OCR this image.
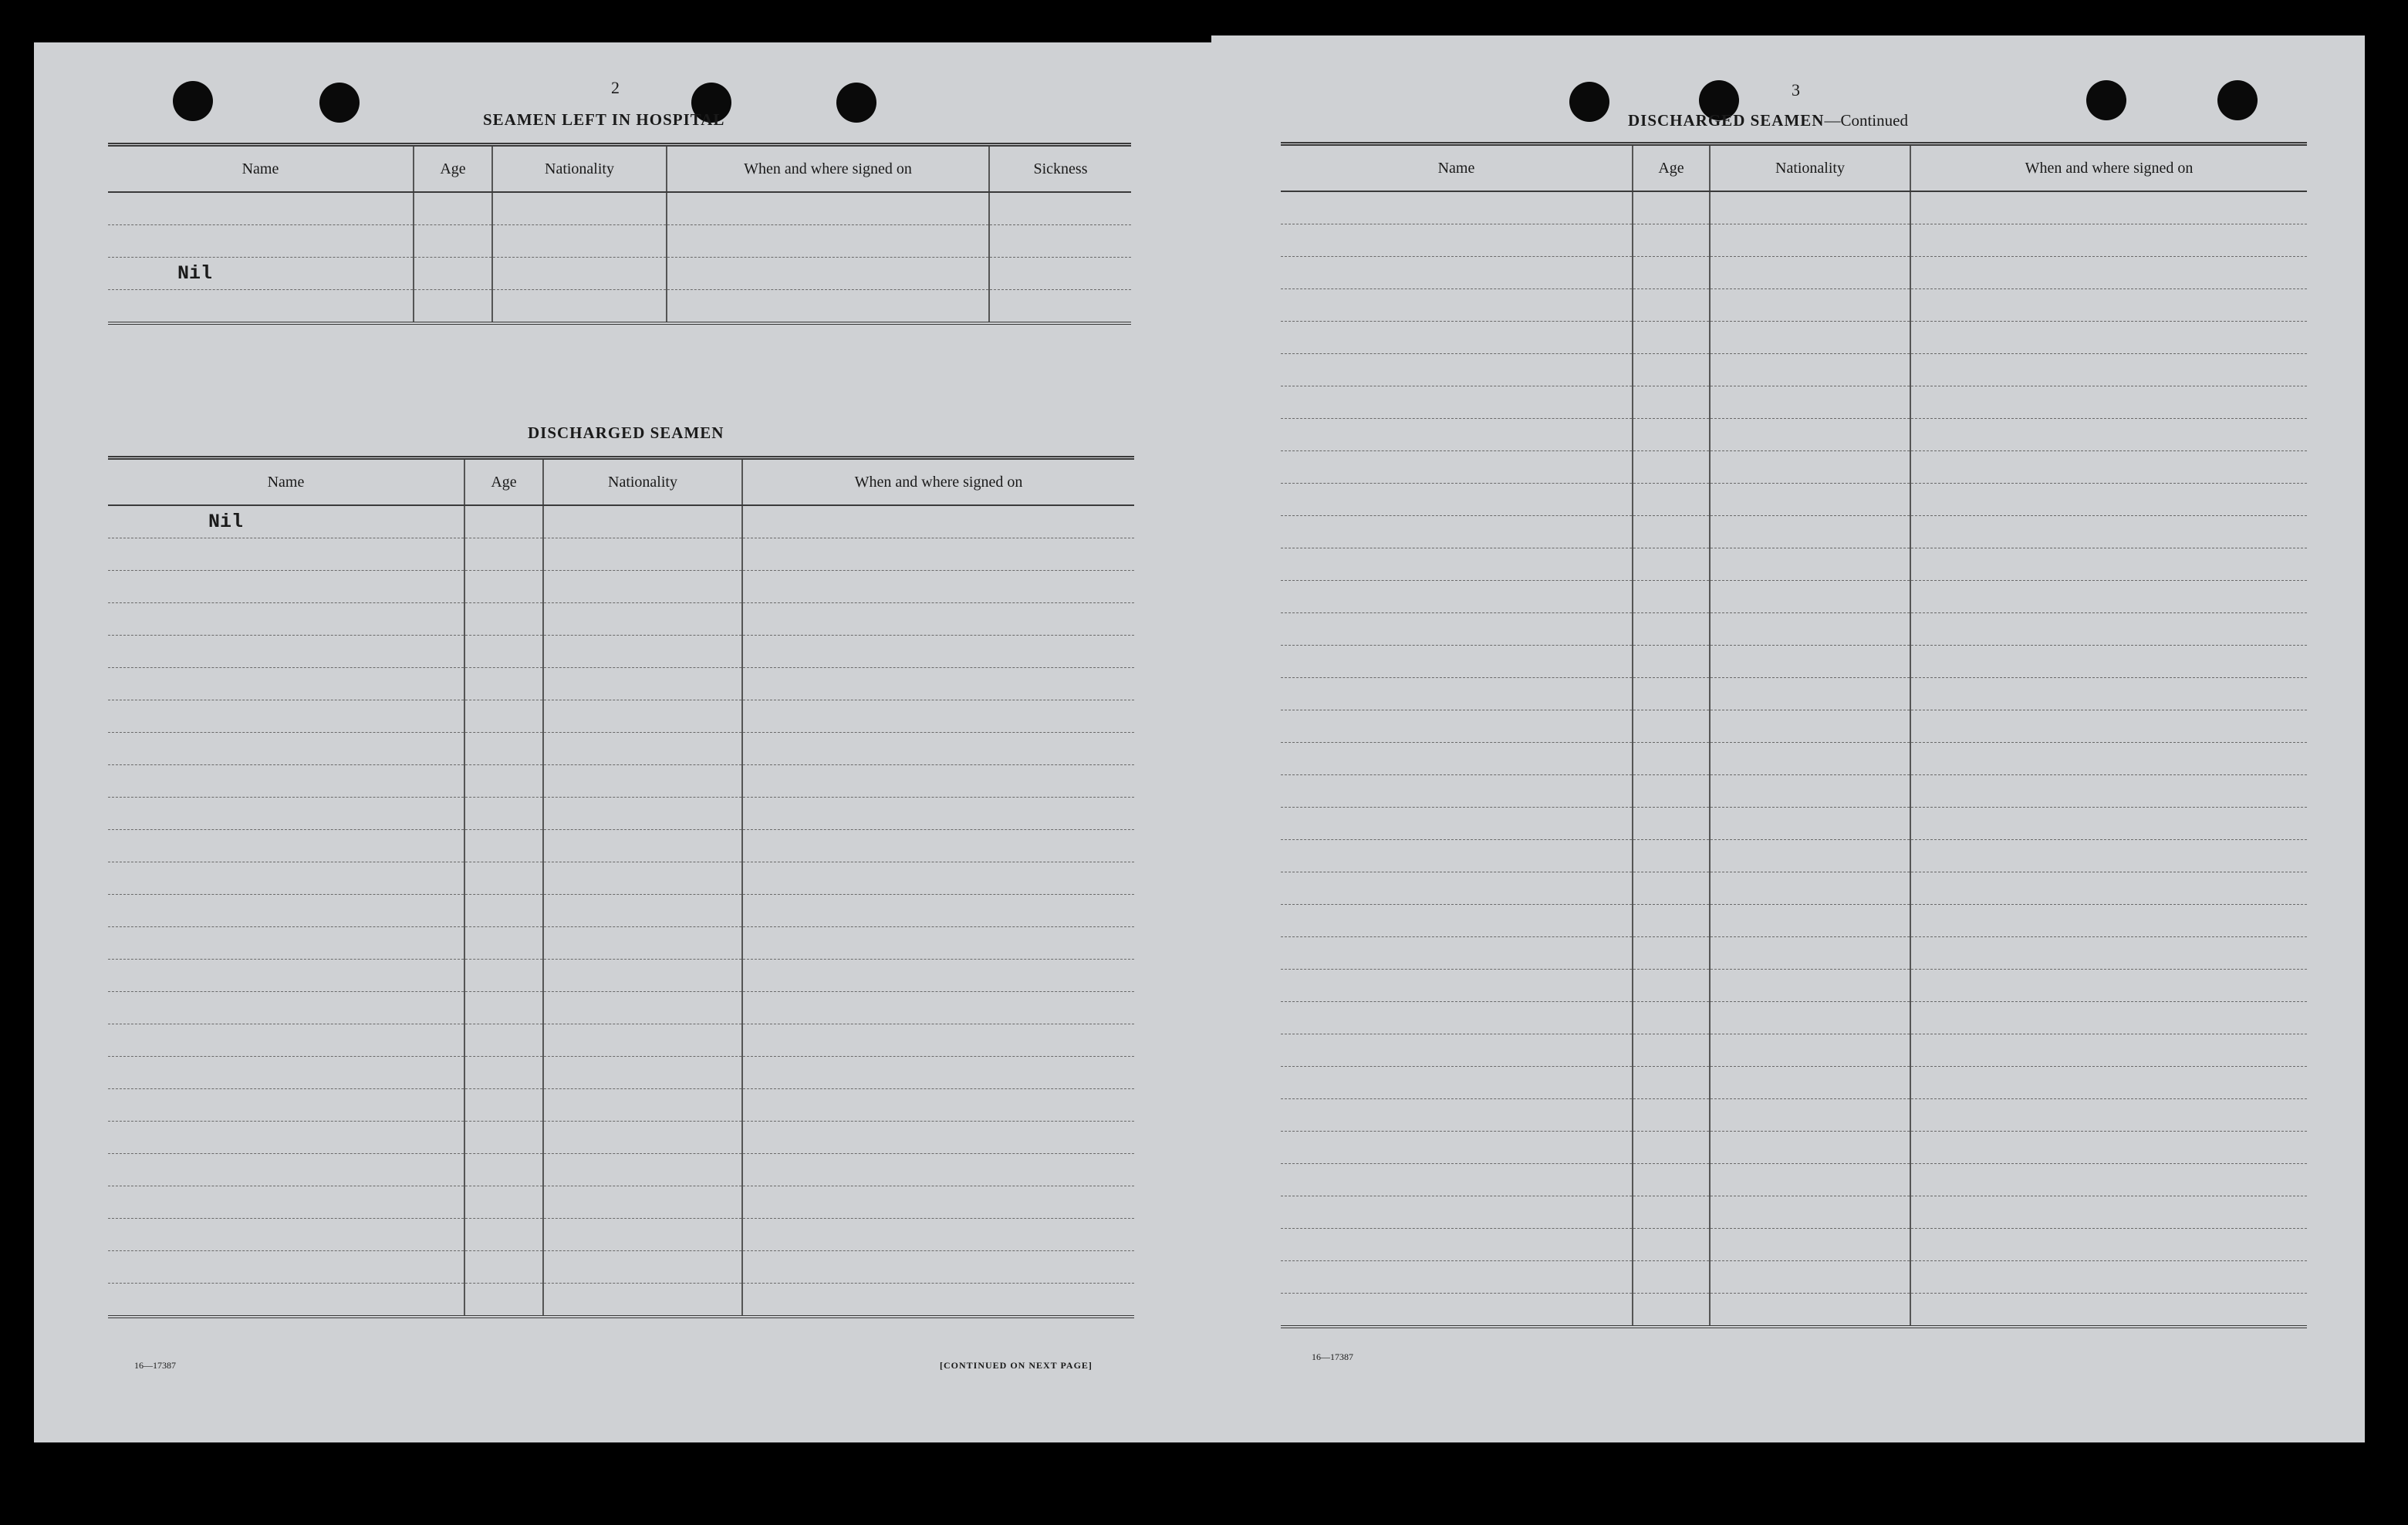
2
SEAMEN LEFT IN HOSPITAL
Name	Age	Nationality	When and where signed on	Sickness

Nil				

DISCHARGED SEAMEN
Name	Age	Nationality	When and where signed on
Nil			

16—17387	[CONTINUED ON NEXT PAGE]
3
DISCHARGED SEAMEN—Continued
Name	Age	Nationality	When and where signed on

16—17387
